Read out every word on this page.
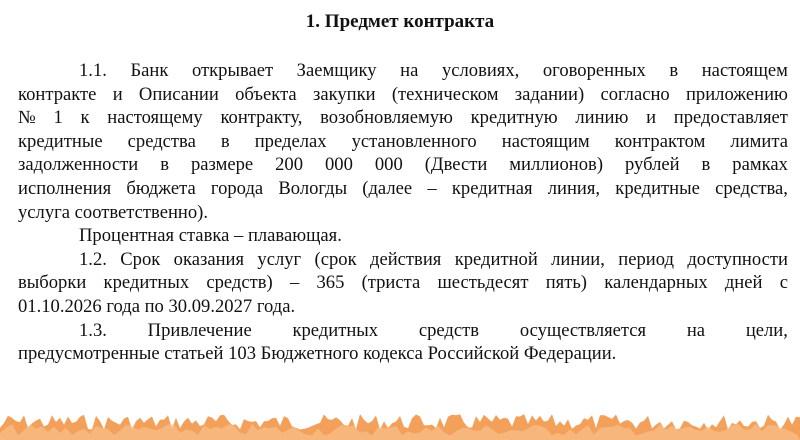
1. Предмет контракта
1.1. Банк открывает Заемщику на условиях, оговоренных в настоящем
контракте и Описании объекта закупки (техническом задании) согласно приложению
№ 1 к настоящему контракту, возобновляемую кредитную линию и предоставляет
кредитные средства в пределах установленного настоящим контрактом лимита
задолженности в размере 200 000 000 (Двести миллионов) рублей в рамках
исполнения бюджета города Вологды (далее – кредитная линия, кредитные средства,
услуга соответственно).
Процентная ставка – плавающая.
1.2. Срок оказания услуг (срок действия кредитной линии, период доступности
выборки кредитных средств) – 365 (триста шестьдесят пять) календарных дней с
01.10.2026 года по 30.09.2027 года.
1.3. Привлечение кредитных средств осуществляется на цели,
предусмотренные статьей 103 Бюджетного кодекса Российской Федерации.
